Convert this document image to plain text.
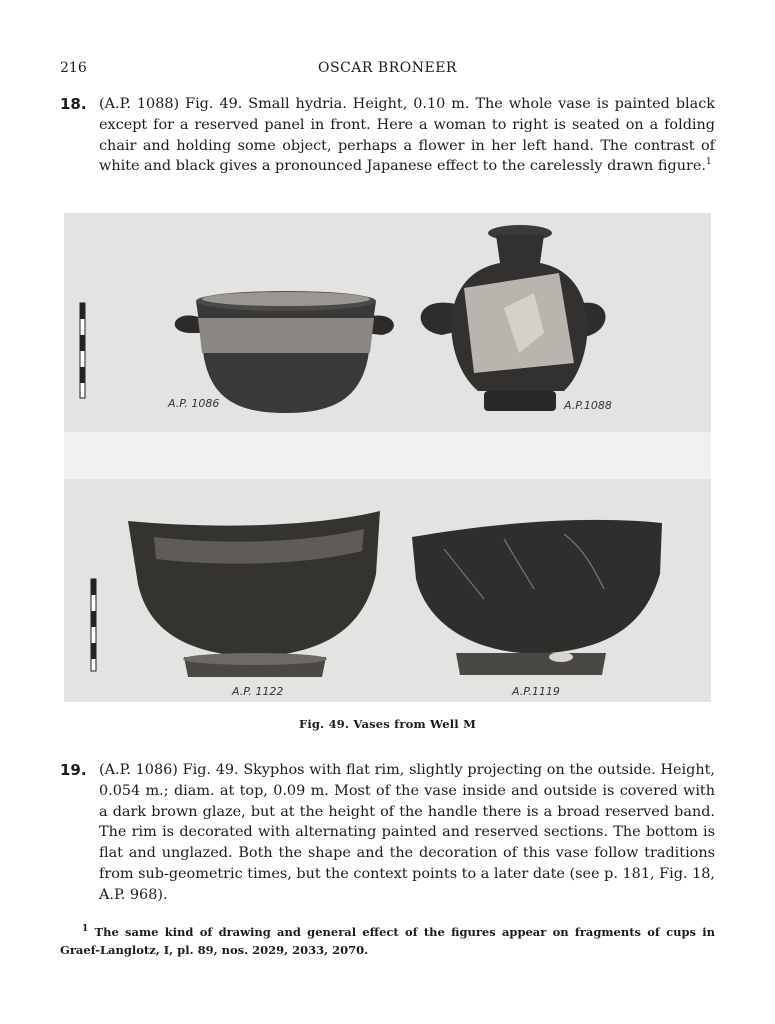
216	OSCAR BRONEER
18. (A.P. 1088) Fig. 49. Small hydria. Height, 0.10 m. The whole vase is painted black except for a reserved panel in front. Here a woman to right is seated on a folding chair and holding some object, perhaps a flower in her left hand. The contrast of white and black gives a pronounced Japanese effect to the carelessly drawn figure.$^1$
A.P. 1086	A.P.1088
A.P. 1122	A.P.1119
Fig. 49. Vases from Well M
19. (A.P. 1086) Fig. 49. Skyphos with flat rim, slightly projecting on the outside. Height, 0.054 m.; diam. at top, 0.09 m. Most of the vase inside and outside is covered with a dark brown glaze, but at the height of the handle there is a broad reserved band. The rim is decorated with alternating painted and reserved sections. The bottom is flat and unglazed. Both the shape and the decoration of this vase follow traditions from sub-geometric times, but the context points to a later date (see p. 181, Fig. 18, A.P. 968).
$^1$ The same kind of drawing and general effect of the figures appear on fragments of cups in Graef-Langlotz, I, pl. 89, nos. 2029, 2033, 2070.
